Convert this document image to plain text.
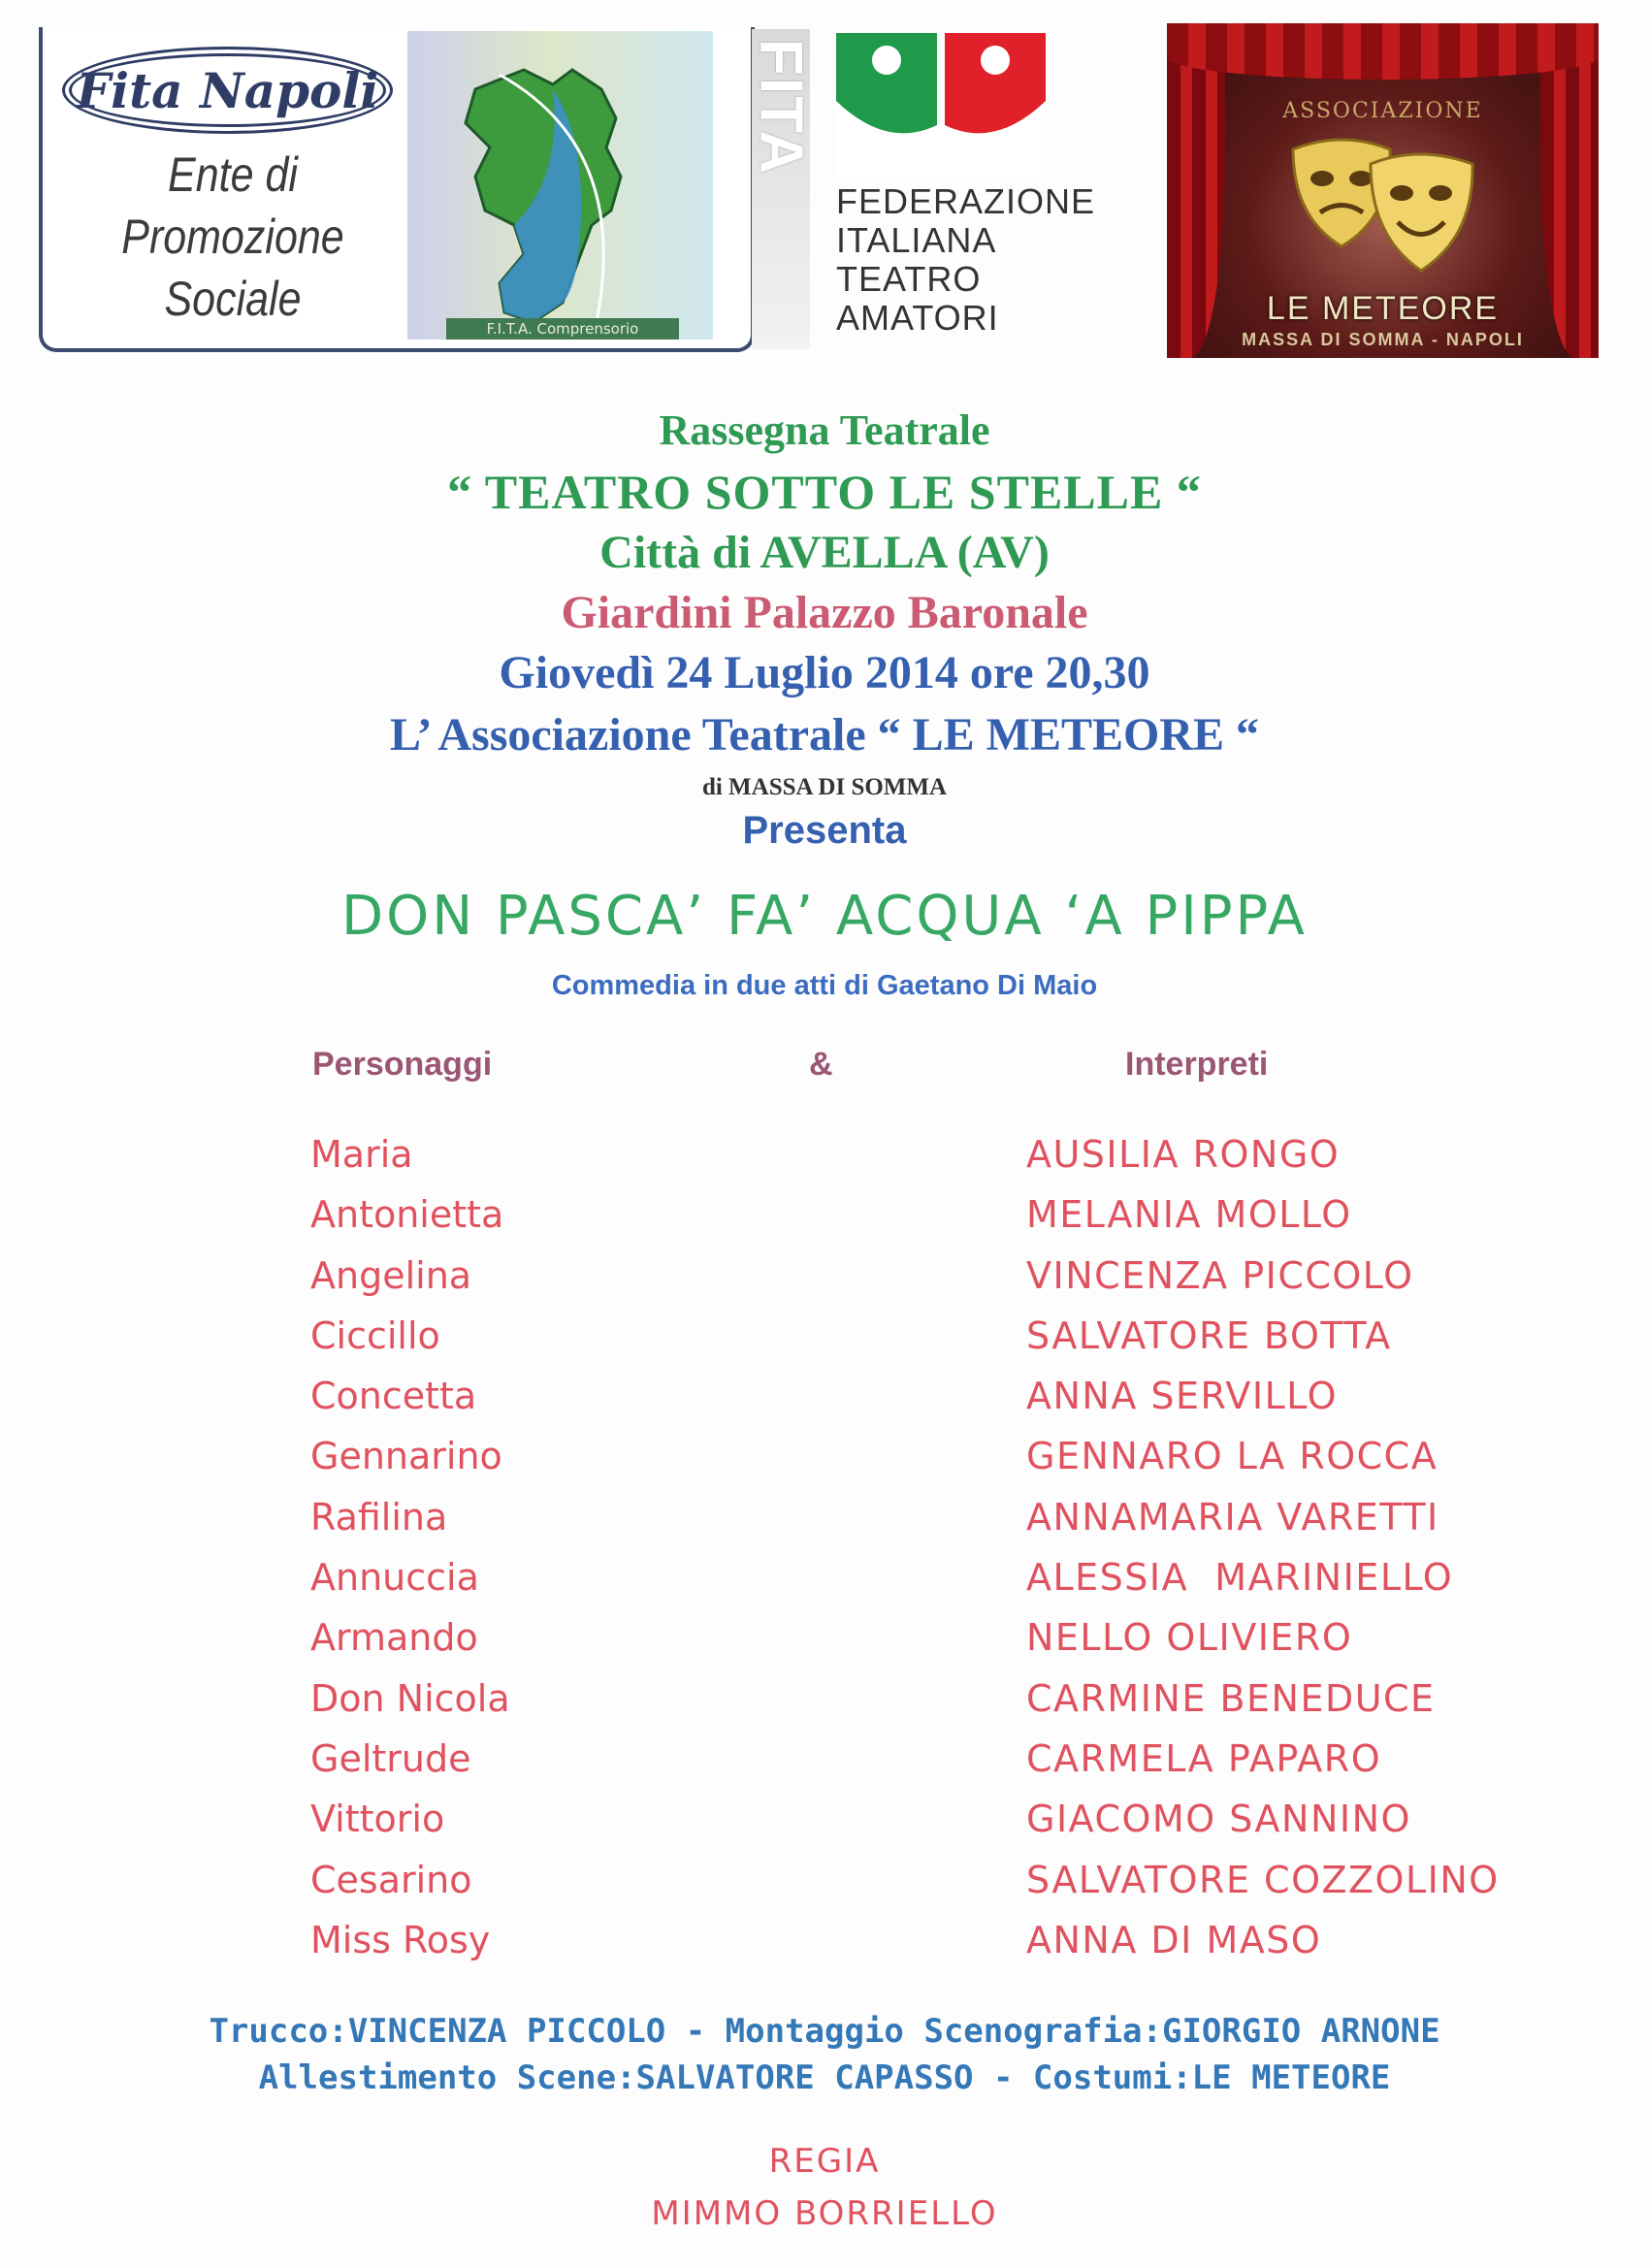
Fita Napoli
Ente di
Promozione
Sociale
F.I.T.A. Comprensorio
FITA
FEDERAZIONE
ITALIANA
TEATRO
AMATORI
ASSOCIAZIONE
LE METEORE
MASSA DI SOMMA - NAPOLI
Rassegna Teatrale
“ TEATRO SOTTO LE STELLE “
Città di AVELLA (AV)
Giardini Palazzo Baronale
Giovedì 24 Luglio 2014 ore 20,30
L’ Associazione Teatrale “ LE METEORE “
di MASSA DI SOMMA
Presenta
DON PASCA’ FA’ ACQUA ‘A PIPPA
Commedia in due atti di Gaetano Di Maio
Personaggi	&	Interpreti
Maria	AUSILIA RONGO
Antonietta	MELANIA MOLLO
Angelina	VINCENZA PICCOLO
Ciccillo	SALVATORE BOTTA
Concetta	ANNA SERVILLO
Gennarino	GENNARO LA ROCCA
Rafilina	ANNAMARIA VARETTI
Annuccia	ALESSIA  MARINIELLO
Armando	NELLO OLIVIERO
Don Nicola	CARMINE BENEDUCE
Geltrude	CARMELA PAPARO
Vittorio	GIACOMO SANNINO
Cesarino	SALVATORE COZZOLINO
Miss Rosy	ANNA DI MASO
Trucco:VINCENZA PICCOLO - Montaggio Scenografia:GIORGIO ARNONE
Allestimento Scene:SALVATORE CAPASSO - Costumi:LE METEORE
REGIA
MIMMO BORRIELLO
